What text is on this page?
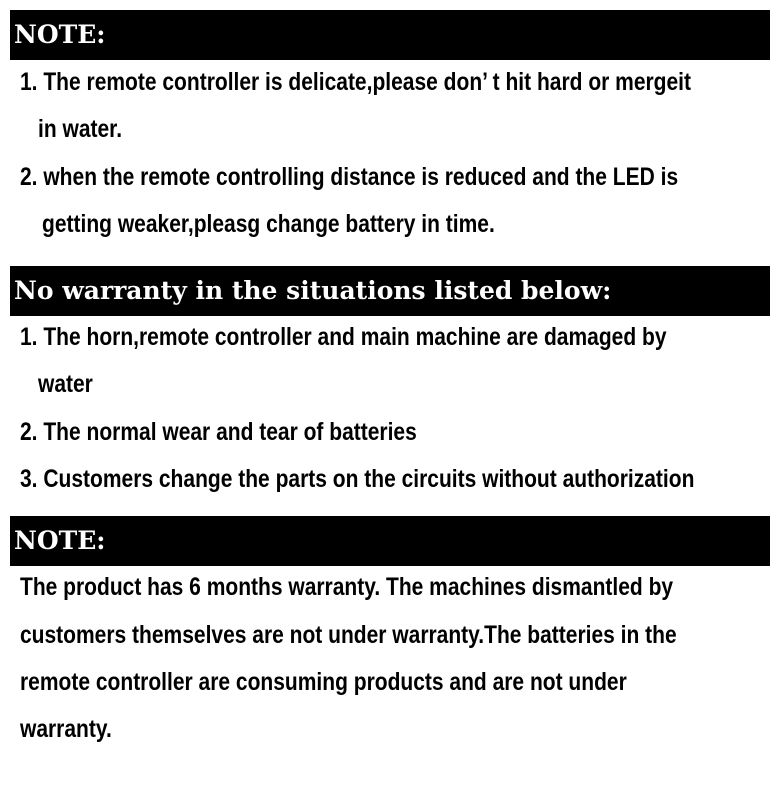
NOTE:
1. The remote controller is delicate,please don’ t hit hard or mergeit
in water.
2. when the remote controlling distance is reduced and the LED is
getting weaker,pleasg change battery in time.
No warranty in the situations listed below:
1. The horn,remote controller and main machine are damaged by
water
2. The normal wear and tear of batteries
3. Customers change the parts on the circuits without authorization
NOTE:
The product has 6 months warranty. The machines dismantled by
customers themselves are not under warranty.The batteries in the
remote controller are consuming products and are not under
warranty.
